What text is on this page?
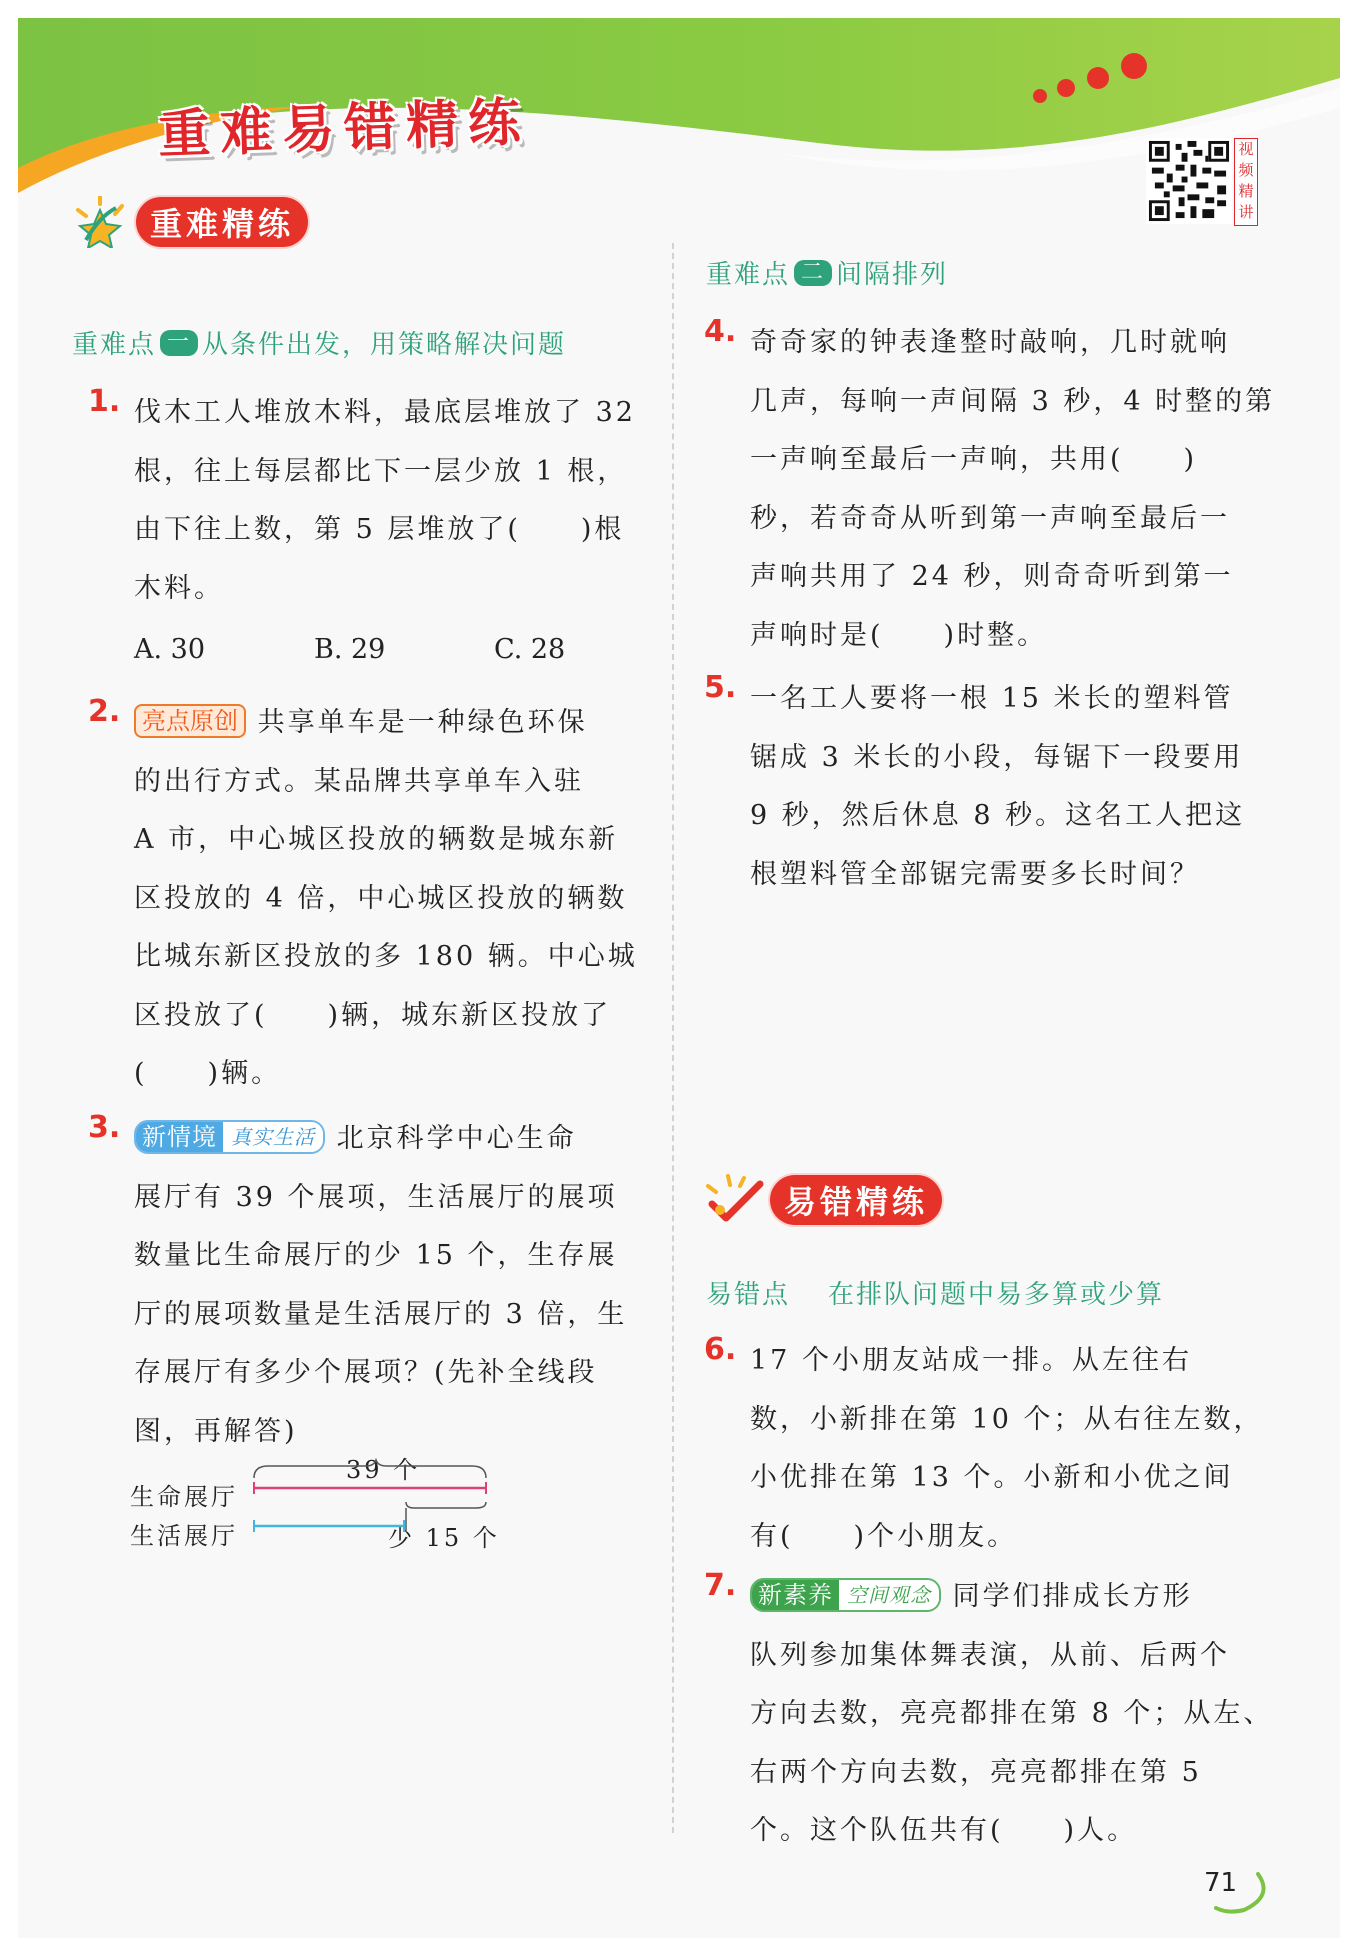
重难易错精练	视频精讲
重难精练
重难点 一 从条件出发，用策略解决问题
1. 伐木工人堆放木料，最底层堆放了 32
根，往上每层都比下一层少放 1 根，
由下往上数，第 5 层堆放了(　　)根
木料。
A. 30	B. 29	C. 28
2. 亮点原创 共享单车是一种绿色环保
的出行方式。某品牌共享单车入驻
A 市，中心城区投放的辆数是城东新
区投放的 4 倍，中心城区投放的辆数
比城东新区投放的多 180 辆。中心城
区投放了(　　)辆，城东新区投放了
(　　)辆。
3. 新情境 真实生活 北京科学中心生命
展厅有 39 个展项，生活展厅的展项
数量比生命展厅的少 15 个，生存展
厅的展项数量是生活展厅的 3 倍，生
存展厅有多少个展项？(先补全线段
图，再解答)
生命展厅
生活展厅
39 个
少 15 个
重难点 二 间隔排列
4. 奇奇家的钟表逢整时敲响，几时就响
几声，每响一声间隔 3 秒，4 时整的第
一声响至最后一声响，共用(　　)
秒，若奇奇从听到第一声响至最后一
声响共用了 24 秒，则奇奇听到第一
声响时是(　　)时整。
5. 一名工人要将一根 15 米长的塑料管
锯成 3 米长的小段，每锯下一段要用
9 秒，然后休息 8 秒。这名工人把这
根塑料管全部锯完需要多长时间？
易错精练
易错点 在排队问题中易多算或少算
6. 17 个小朋友站成一排。从左往右
数，小新排在第 10 个；从右往左数，
小优排在第 13 个。小新和小优之间
有(　　)个小朋友。
7. 新素养 空间观念 同学们排成长方形
队列参加集体舞表演，从前、后两个
方向去数，亮亮都排在第 8 个；从左、
右两个方向去数，亮亮都排在第 5
个。这个队伍共有(　　)人。
71
